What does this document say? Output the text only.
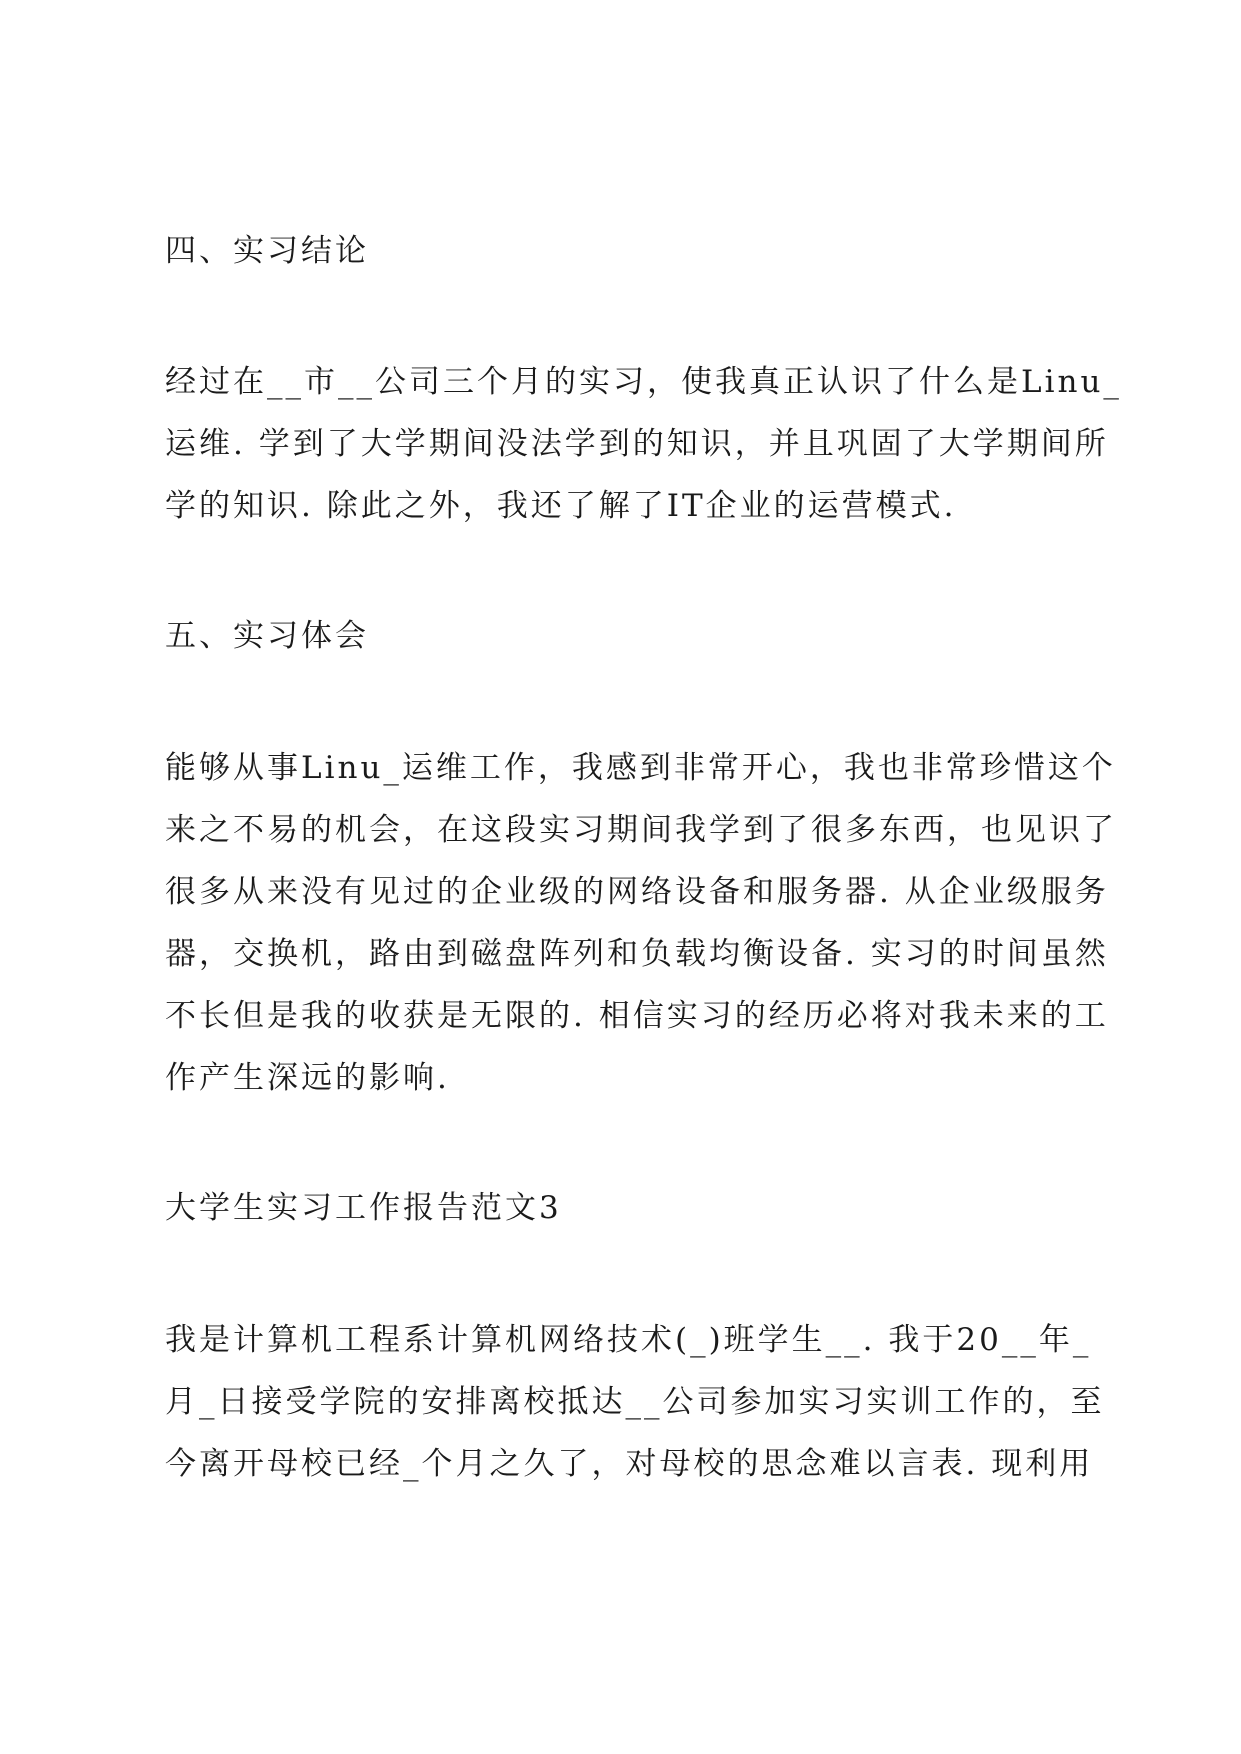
四、实习结论
经过在__市__公司三个月的实习，使我真正认识了什么是Linu_
运维. 学到了大学期间没法学到的知识，并且巩固了大学期间所
学的知识. 除此之外，我还了解了IT企业的运营模式.
五、实习体会
能够从事Linu_运维工作，我感到非常开心，我也非常珍惜这个
来之不易的机会，在这段实习期间我学到了很多东西，也见识了
很多从来没有见过的企业级的网络设备和服务器. 从企业级服务
器，交换机，路由到磁盘阵列和负载均衡设备. 实习的时间虽然
不长但是我的收获是无限的. 相信实习的经历必将对我未来的工
作产生深远的影响.
大学生实习工作报告范文3
我是计算机工程系计算机网络技术(_)班学生__. 我于20__年_
月_日接受学院的安排离校抵达__公司参加实习实训工作的，至
今离开母校已经_个月之久了，对母校的思念难以言表. 现利用
